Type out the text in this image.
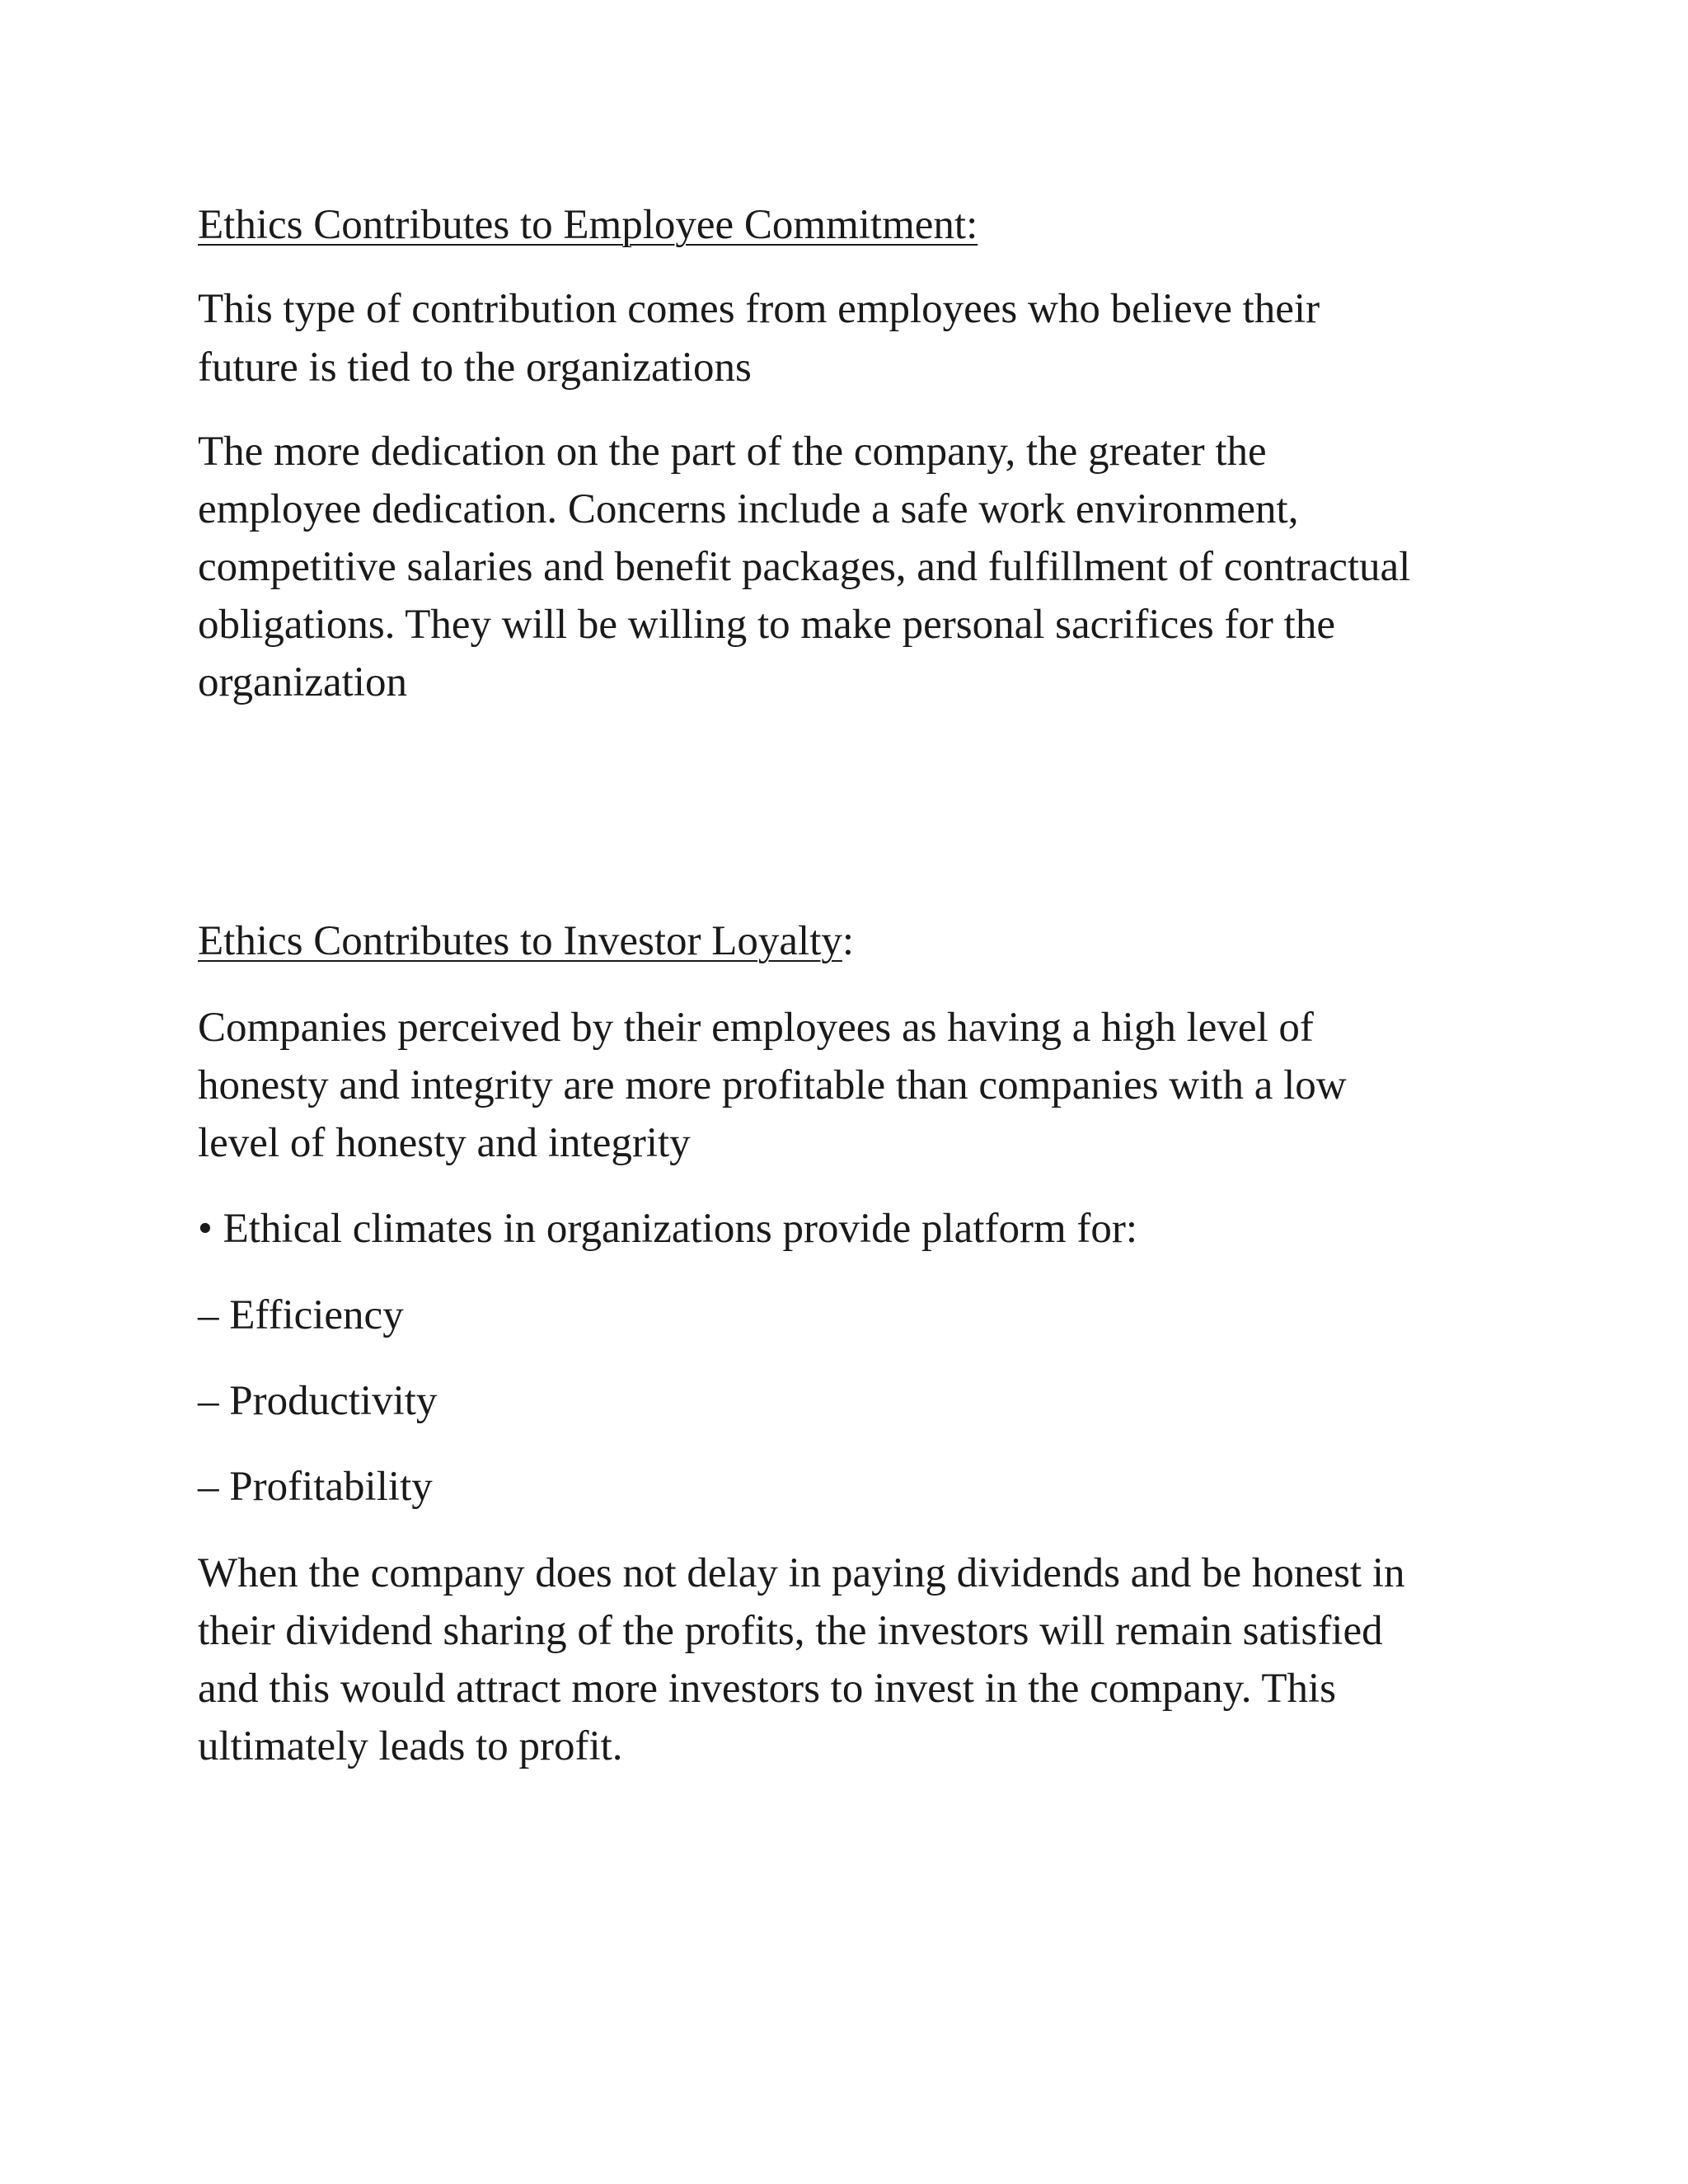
Ethics Contributes to Employee Commitment:
This type of contribution comes from employees who believe their
future is tied to the organizations
The more dedication on the part of the company, the greater the
employee dedication. Concerns include a safe work environment,
competitive salaries and benefit packages, and fulfillment of contractual
obligations. They will be willing to make personal sacrifices for the
organization
Ethics Contributes to Investor Loyalty:
Companies perceived by their employees as having a high level of
honesty and integrity are more profitable than companies with a low
level of honesty and integrity
• Ethical climates in organizations provide platform for:
– Efficiency
– Productivity
– Profitability
When the company does not delay in paying dividends and be honest in
their dividend sharing of the profits, the investors will remain satisfied
and this would attract more investors to invest in the company. This
ultimately leads to profit.
